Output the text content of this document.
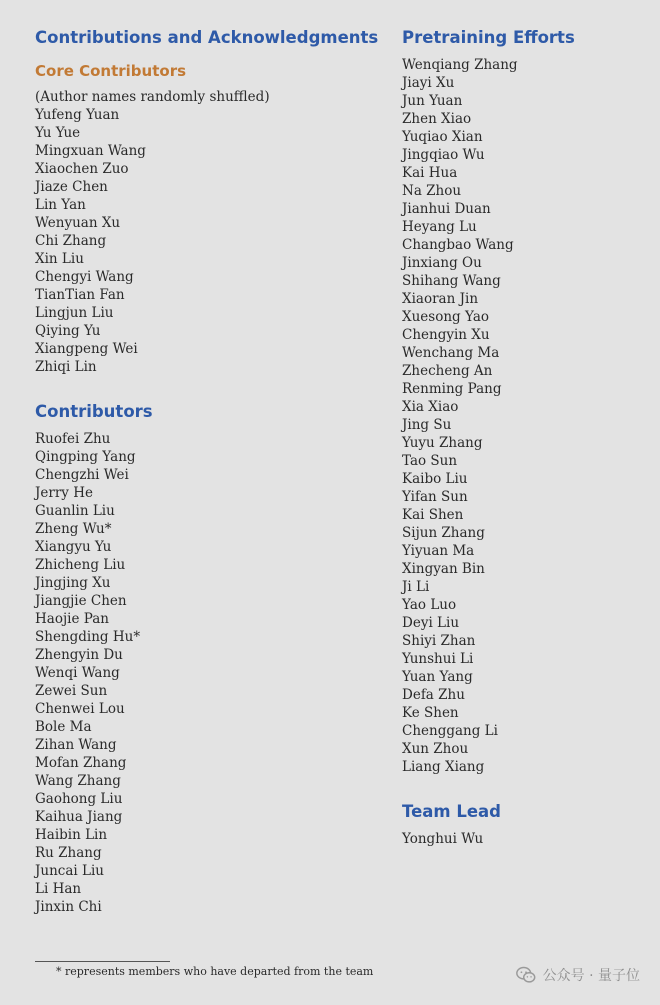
Contributions and Acknowledgments
Core Contributors
(Author names randomly shuffled)
Yufeng Yuan
Yu Yue
Mingxuan Wang
Xiaochen Zuo
Jiaze Chen
Lin Yan
Wenyuan Xu
Chi Zhang
Xin Liu
Chengyi Wang
TianTian Fan
Lingjun Liu
Qiying Yu
Xiangpeng Wei
Zhiqi Lin
Contributors
Ruofei Zhu
Qingping Yang
Chengzhi Wei
Jerry He
Guanlin Liu
Zheng Wu*
Xiangyu Yu
Zhicheng Liu
Jingjing Xu
Jiangjie Chen
Haojie Pan
Shengding Hu*
Zhengyin Du
Wenqi Wang
Zewei Sun
Chenwei Lou
Bole Ma
Zihan Wang
Mofan Zhang
Wang Zhang
Gaohong Liu
Kaihua Jiang
Haibin Lin
Ru Zhang
Juncai Liu
Li Han
Jinxin Chi
Pretraining Efforts
Wenqiang Zhang
Jiayi Xu
Jun Yuan
Zhen Xiao
Yuqiao Xian
Jingqiao Wu
Kai Hua
Na Zhou
Jianhui Duan
Heyang Lu
Changbao Wang
Jinxiang Ou
Shihang Wang
Xiaoran Jin
Xuesong Yao
Chengyin Xu
Wenchang Ma
Zhecheng An
Renming Pang
Xia Xiao
Jing Su
Yuyu Zhang
Tao Sun
Kaibo Liu
Yifan Sun
Kai Shen
Sijun Zhang
Yiyuan Ma
Xingyan Bin
Ji Li
Yao Luo
Deyi Liu
Shiyi Zhan
Yunshui Li
Yuan Yang
Defa Zhu
Ke Shen
Chenggang Li
Xun Zhou
Liang Xiang
Team Lead
Yonghui Wu
* represents members who have departed from the team	公众号 · 量子位
